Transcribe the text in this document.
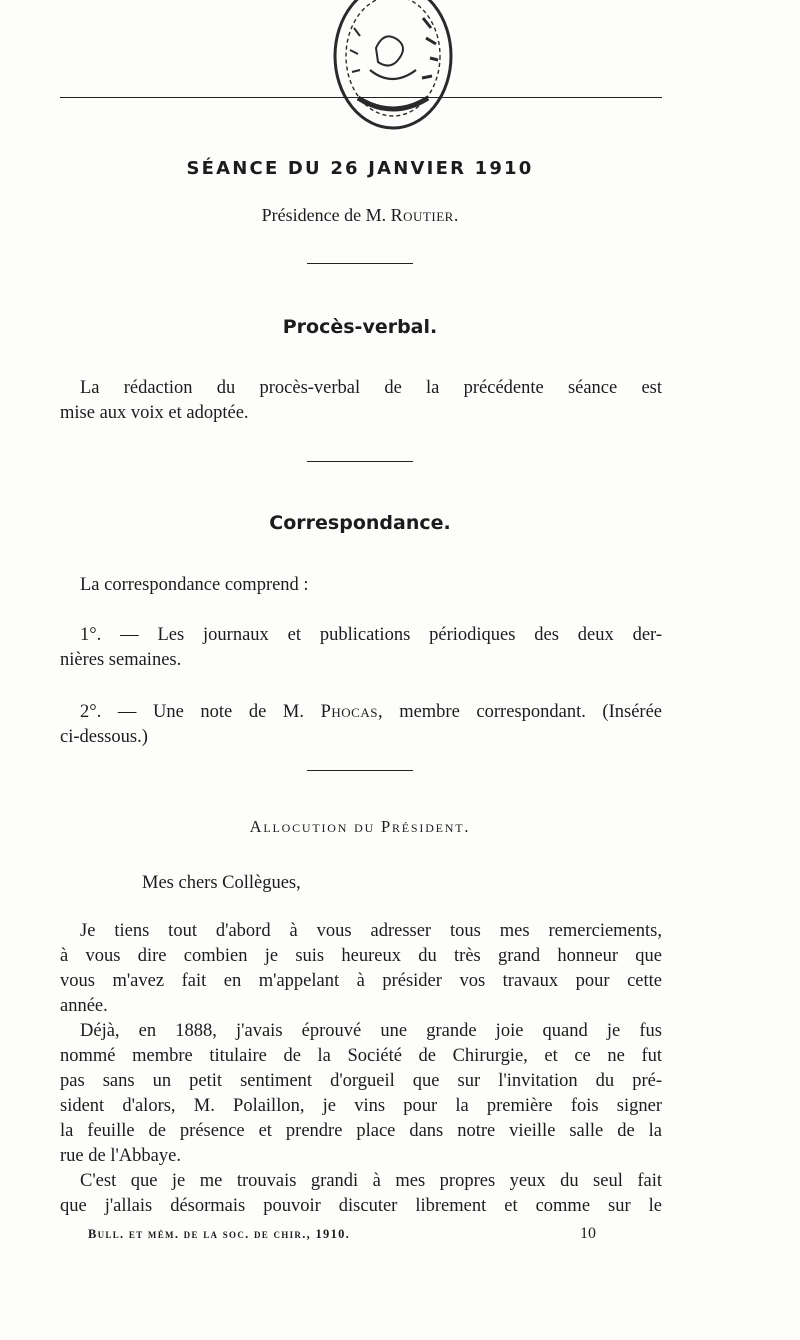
SÉANCE DU 26 JANVIER 1910
Présidence de M. Routier.
Procès-verbal.
La rédaction du procès-verbal de la précédente séance est
mise aux voix et adoptée.
Correspondance.
La correspondance comprend :
1°. — Les journaux et publications périodiques des deux der-
nières semaines.
2°. — Une note de M. Phocas, membre correspondant. (Insérée
ci-dessous.)
Allocution du Président.
Mes chers Collègues,
Je tiens tout d'abord à vous adresser tous mes remerciements,
à vous dire combien je suis heureux du très grand honneur que
vous m'avez fait en m'appelant à présider vos travaux pour cette
année.
Déjà, en 1888, j'avais éprouvé une grande joie quand je fus
nommé membre titulaire de la Société de Chirurgie, et ce ne fut
pas sans un petit sentiment d'orgueil que sur l'invitation du pré-
sident d'alors, M. Polaillon, je vins pour la première fois signer
la feuille de présence et prendre place dans notre vieille salle de la
rue de l'Abbaye.
C'est que je me trouvais grandi à mes propres yeux du seul fait
que j'allais désormais pouvoir discuter librement et comme sur le
Bull. et mém. de la soc. de chir., 1910.	10
